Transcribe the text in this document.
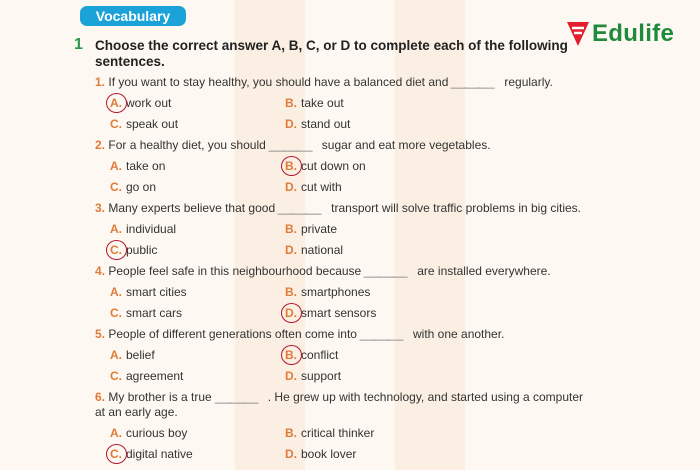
Vocabulary
Edulife
1 Choose the correct answer A, B, C, or D to complete each of the following sentences.
1. If you want to stay healthy, you should have a balanced diet and ___ regularly.
A. work out	B. take out
C. speak out	D. stand out
2. For a healthy diet, you should ___ sugar and eat more vegetables.
A. take on	B. cut down on
C. go on	D. cut with
3. Many experts believe that good ___ transport will solve traffic problems in big cities.
A. individual	B. private
C. public	D. national
4. People feel safe in this neighbourhood because ___ are installed everywhere.
A. smart cities	B. smartphones
C. smart cars	D. smart sensors
5. People of different generations often come into ___ with one another.
A. belief	B. conflict
C. agreement	D. support
6. My brother is a true ___ . He grew up with technology, and started using a computer
at an early age.
A. curious boy	B. critical thinker
C. digital native	D. book lover
